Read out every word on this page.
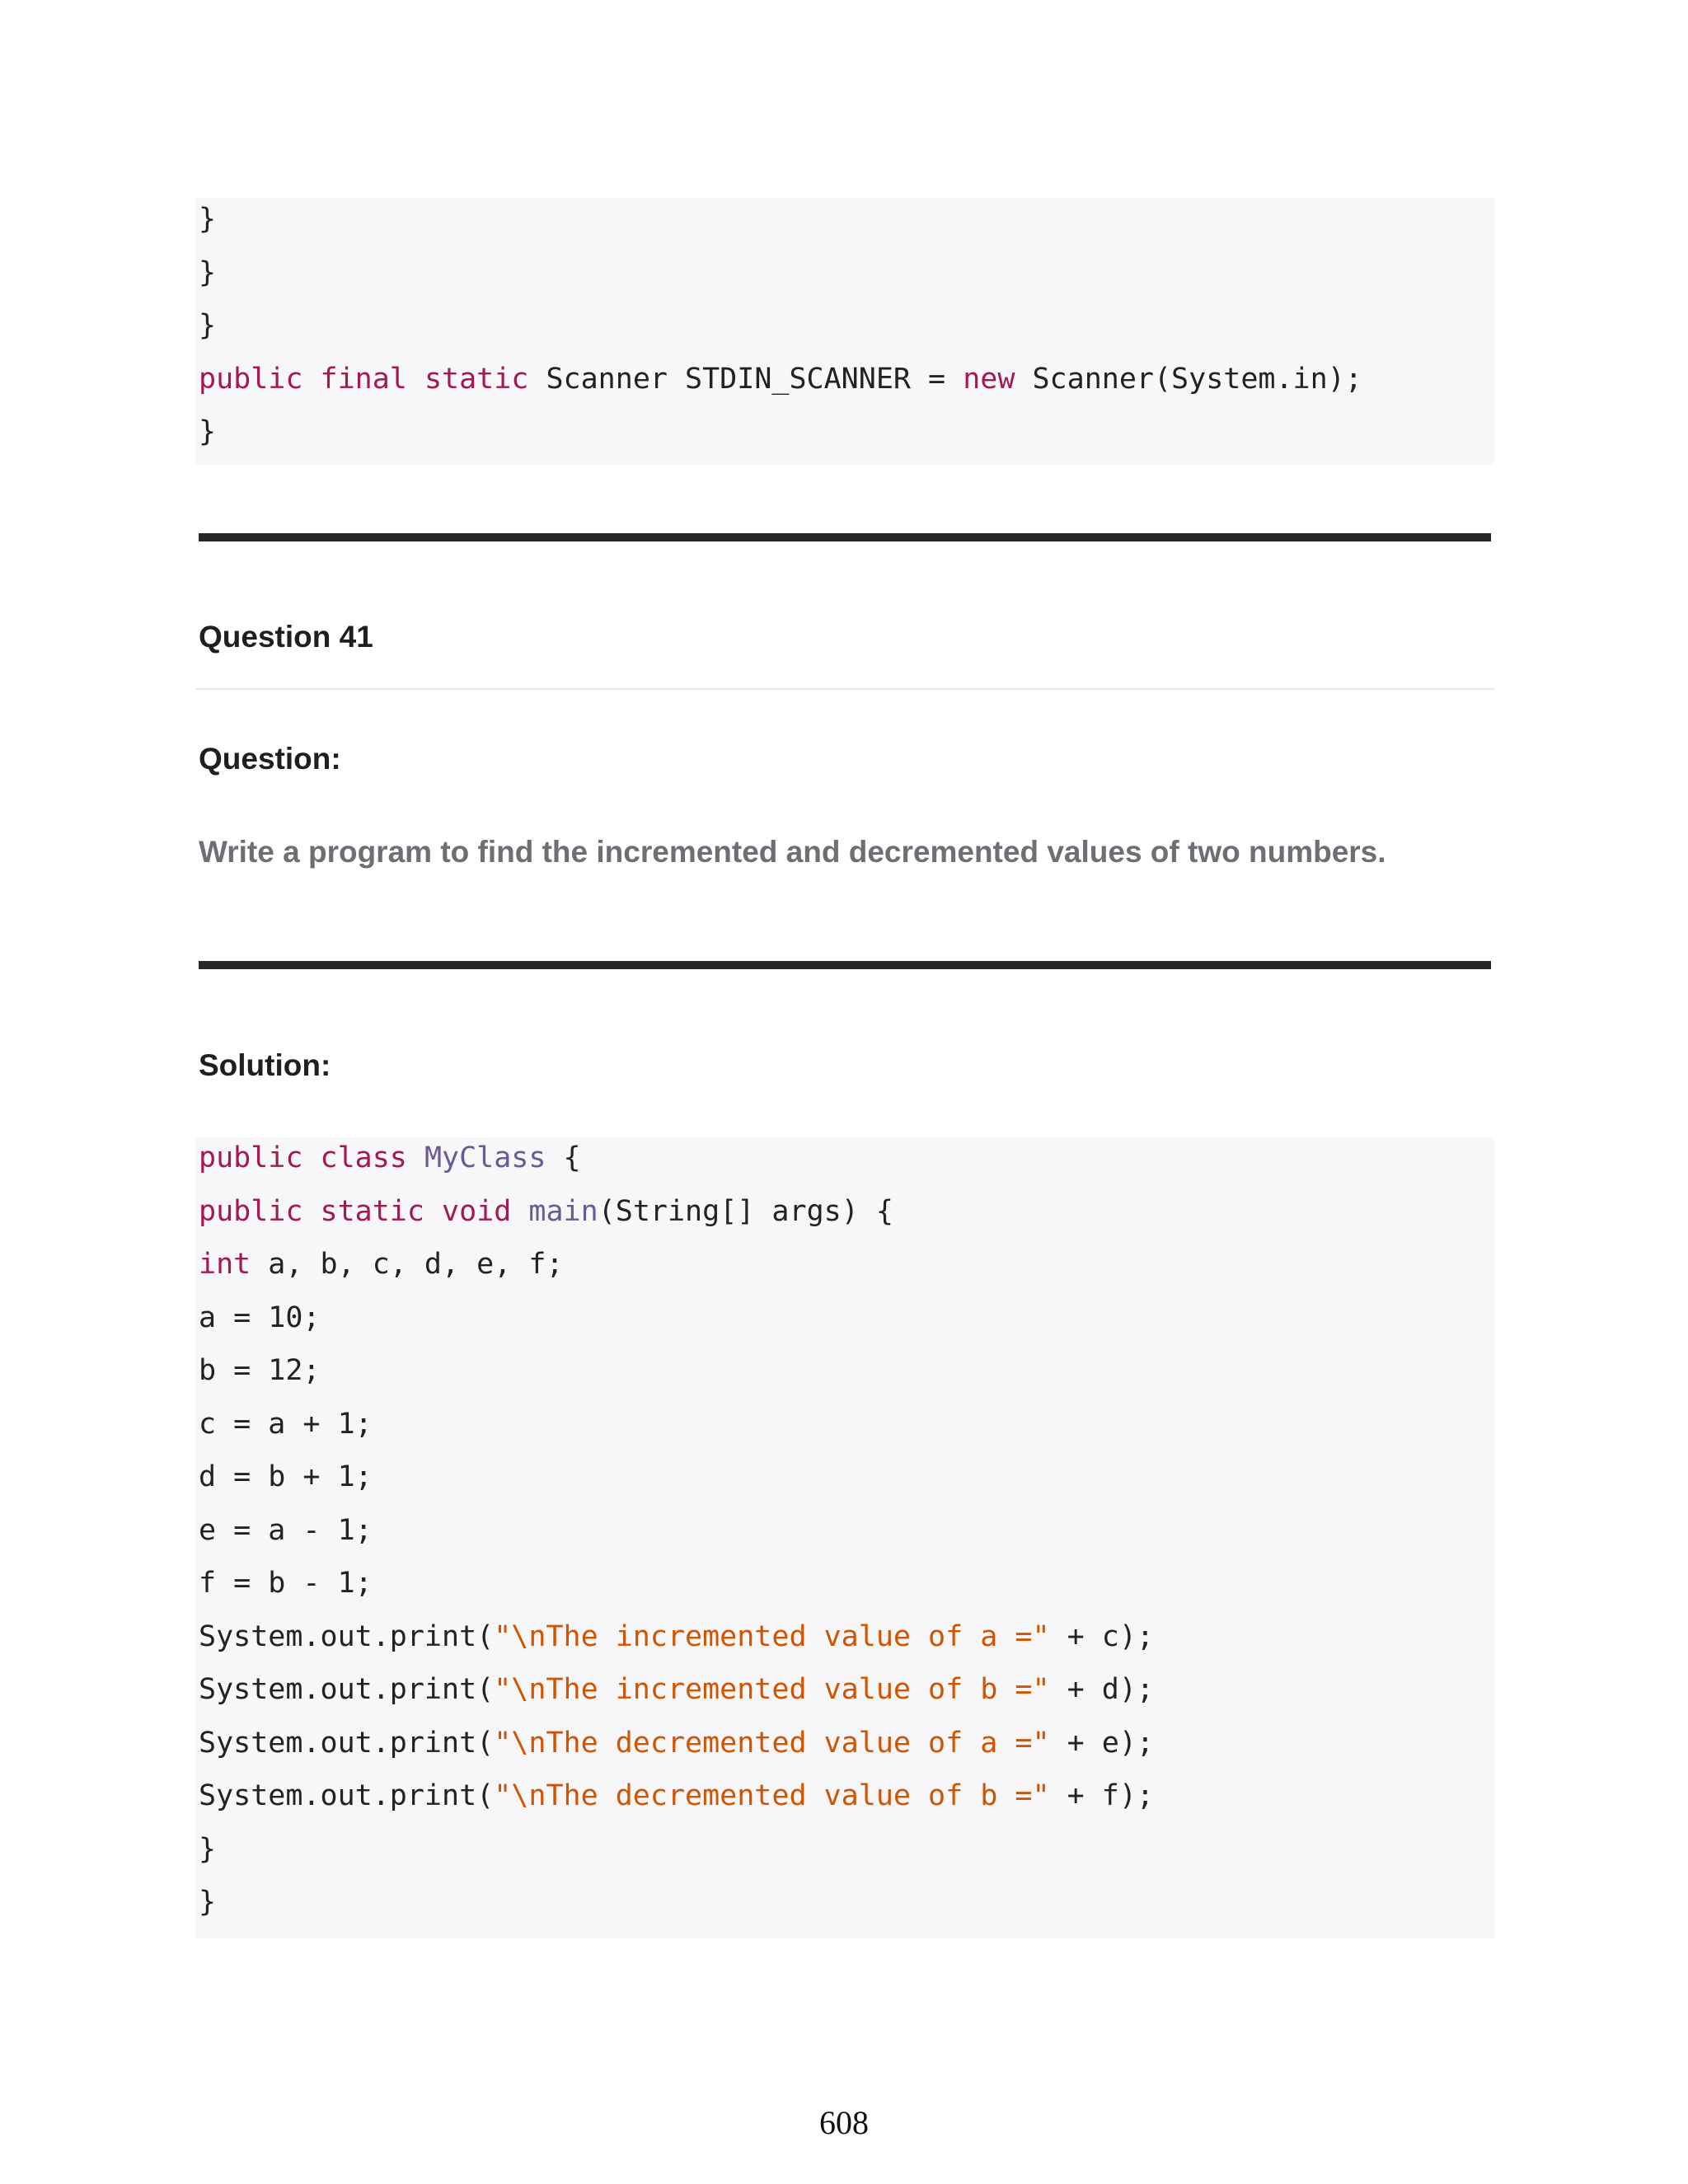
}
}
}
public final static Scanner STDIN_SCANNER = new Scanner(System.in);
}
Question 41
Question:
Write a program to find the incremented and decremented values of two numbers.
Solution:
public class MyClass {
public static void main(String[] args) {
int a, b, c, d, e, f;
a = 10;
b = 12;
c = a + 1;
d = b + 1;
e = a - 1;
f = b - 1;
System.out.print("\nThe incremented value of a =" + c);
System.out.print("\nThe incremented value of b =" + d);
System.out.print("\nThe decremented value of a =" + e);
System.out.print("\nThe decremented value of b =" + f);
}
}
608
